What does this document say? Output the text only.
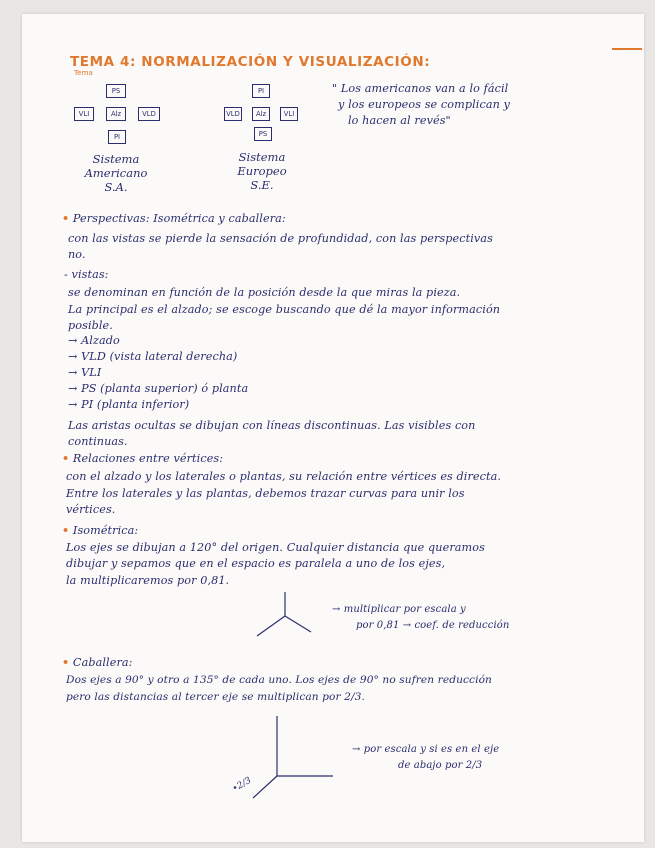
TEMA 4: NORMALIZACIÓN Y VISUALIZACIÓN:
Tema
PS
VLI	Alz	VLD
PI
Sistema
Americano
S.A.
PI
VLD	Alz	VLI
PS
Sistema
Europeo
S.E.
" Los americanos van a lo fácil
y los europeos se complican y
lo hacen al revés"
• Perspectivas: Isométrica y caballera:
con las vistas se pierde la sensación de profundidad, con las perspectivas
no.
- vistas:
se denominan en función de la posición desde la que miras la pieza.
La principal es el alzado; se escoge buscando que dé la mayor información
posible.
→ Alzado
→ VLD (vista lateral derecha)
→ VLI
→ PS (planta superior) ó planta
→ PI (planta inferior)
Las aristas ocultas se dibujan con líneas discontinuas. Las visibles con
continuas.
• Relaciones entre vértices:
con el alzado y los laterales o plantas, su relación entre vértices es directa.
Entre los laterales y las plantas, debemos trazar curvas para unir los
vértices.
• Isométrica:
Los ejes se dibujan a 120° del origen. Cualquier distancia que queramos
dibujar y sepamos que en el espacio es paralela a uno de los ejes,
la multiplicaremos por 0,81.
→ multiplicar por escala y
por 0,81 → coef. de reducción
• Caballera:
Dos ejes a 90° y otro a 135° de cada uno. Los ejes de 90° no sufren reducción
pero las distancias al tercer eje se multiplican por 2/3.
•2/3
→ por escala y si es en el eje
de abajo por 2/3
